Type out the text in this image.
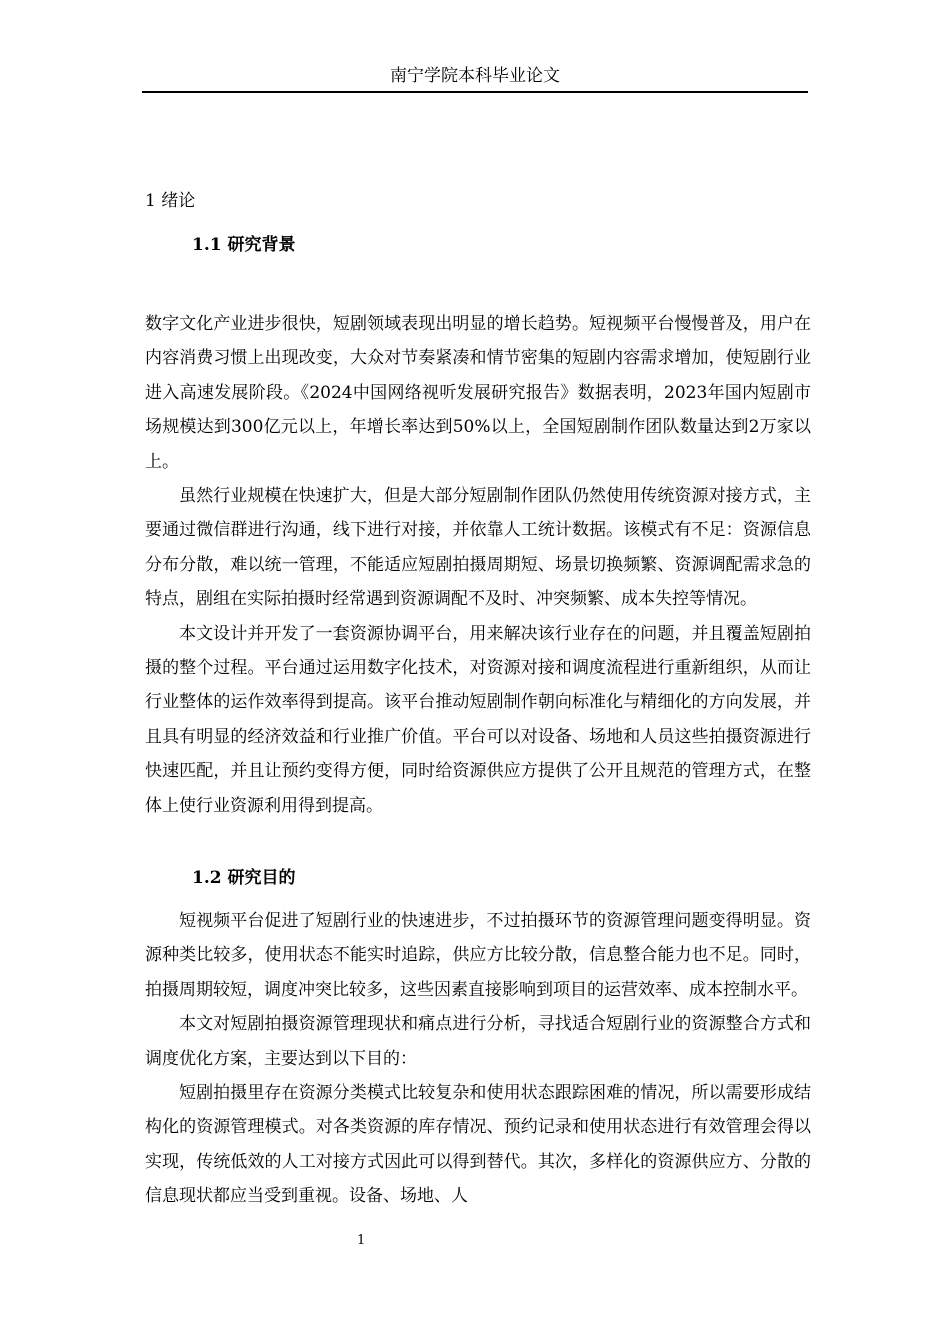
南宁学院本科毕业论文
1 绪论
1.1 研究背景

数字文化产业进步很快，短剧领域表现出明显的增长趋势。短视频平台慢慢普及，用户在内容消费习惯上出现改变，大众对节奏紧凑和情节密集的短剧内容需求增加，使短剧行业进入高速发展阶段。《2024中国网络视听发展研究报告》数据表明，2023年国内短剧市场规模达到300亿元以上，年增长率达到50%以上，全国短剧制作团队数量达到2万家以上。

虽然行业规模在快速扩大，但是大部分短剧制作团队仍然使用传统资源对接方式，主要通过微信群进行沟通，线下进行对接，并依靠人工统计数据。该模式有不足：资源信息分布分散，难以统一管理，不能适应短剧拍摄周期短、场景切换频繁、资源调配需求急的特点，剧组在实际拍摄时经常遇到资源调配不及时、冲突频繁、成本失控等情况。

本文设计并开发了一套资源协调平台，用来解决该行业存在的问题，并且覆盖短剧拍摄的整个过程。平台通过运用数字化技术，对资源对接和调度流程进行重新组织，从而让行业整体的运作效率得到提高。该平台推动短剧制作朝向标准化与精细化的方向发展，并且具有明显的经济效益和行业推广价值。平台可以对设备、场地和人员这些拍摄资源进行快速匹配，并且让预约变得方便，同时给资源供应方提供了公开且规范的管理方式，在整体上使行业资源利用得到提高。

1.2 研究目的

短视频平台促进了短剧行业的快速进步，不过拍摄环节的资源管理问题变得明显。资源种类比较多，使用状态不能实时追踪，供应方比较分散，信息整合能力也不足。同时，拍摄周期较短，调度冲突比较多，这些因素直接影响到项目的运营效率、成本控制水平。

本文对短剧拍摄资源管理现状和痛点进行分析，寻找适合短剧行业的资源整合方式和调度优化方案，主要达到以下目的：

短剧拍摄里存在资源分类模式比较复杂和使用状态跟踪困难的情况，所以需要形成结构化的资源管理模式。对各类资源的库存情况、预约记录和使用状态进行有效管理会得以实现，传统低效的人工对接方式因此可以得到替代。其次，多样化的资源供应方、分散的信息现状都应当受到重视。设备、场地、人

1
